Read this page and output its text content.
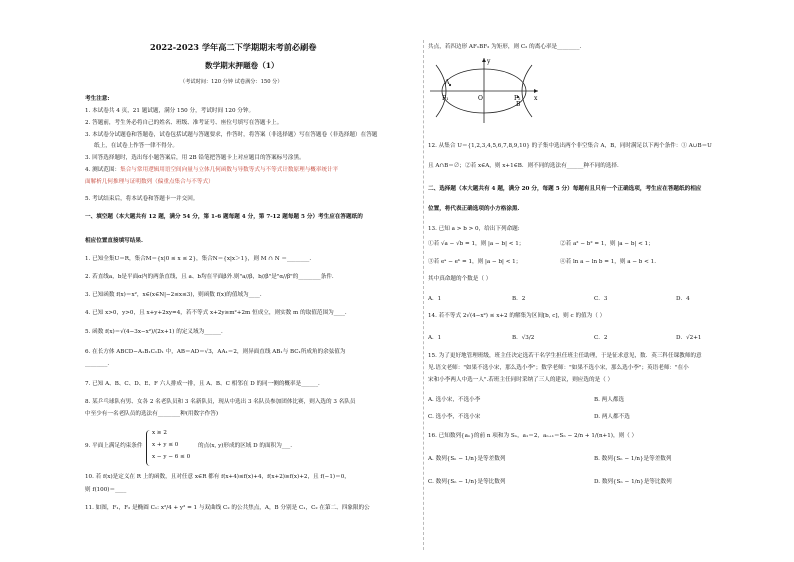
2022-2023 学年高二下学期期末考前必刷卷
数学期末押题卷（1）
（考试时间：120 分钟 试卷满分：150 分）
考生注意:
1. 本试卷共 4 页，21 题试题，满分 150 分，考试时间 120 分钟。
2. 答题前，考生务必将自己的姓名、班级、准考证号、座位号填写在答题卡上。
3. 本试卷分试题卷和答题卷，试卷包括试题与答题要求，作答时，将答案（非选择题）写在答题卷（非选择题）在答题
纸上，在试卷上作答一律不得分。
3. 回答选择题时，选出每小题答案后，用 2B 铅笔把答题卡上对应题目的答案标号涂黑。
4. 测试范围：集合与常用逻辑用语空间向量与立体几何函数与导数等式与不等式计数原理与概率统计平
面解析几何推理与证明数列（偏重点集合与不等式）
5. 考试结束后，将本试卷和答题卡一并交回。
一、填空题（本大题共有 12 题，满分 54 分，第 1-6 题每题 4 分，第 7-12 题每题 5 分）考生应在答题纸的
相应位置直接填写结果.
1. 已知全集U＝R，集合M＝{x|0 ≤ x ≤ 2}，集合N＝{x|x＞1}，则 M ∩ N ＝________.
2. 若直线a，b是平面α内的两条直线，且 a、b均在平面β外.则"a//β，b//β"是"α//β"的________条件.
3. 已知函数 f(x)＝x²，x∈(x∈N|−2≤x≤3)，则函数 f(x)的值域为____.
4. 已知 x>0，y>0，且 x+y+2xy=4，若不等式 x+2y≥m²+2m 恒成立，则实数 m 的取值范围为____.
5. 函数 f(x)＝√(4−3x−x²)/(2x+1) 的定义域为______.
6. 在长方体 ABCD−A₁B₁C₁D₁ 中，AB＝AD＝√3，AA₁＝2，则异面直线 AB₁与 BC₁所成角的余弦值为
________.
7. 已知 A、B、C、D、E、F 六人排成一排，且 A、B、C 相邻在 D 的同一侧的概率是______.
8. 某乒乓球队有男、女各 2 名老队员和 3 名新队员，现从中选出 3 名队员参加团体比赛，则入选的 3 名队员
中至少有一名老队员的选法有________种(用数字作答)
9. 平面上满足约束条件
x ≥ 2
x + y ≤ 0
x − y − 6 ≤ 0
的点(x, y)形成的区域 D 的面积为___.
10. 若 f(x)是定义在 R 上的函数，且对任意 x∈R 都有 f(x+4)≤f(x)+4，f(x+2)≥f(x)+2，且 f(−1)＝0，
则 f(100)＝____
11. 如图，F₁，F₂ 是椭圆 C₁: x²/4 + y² = 1 与双曲线 C₂ 的公共焦点，A，B 分别是 C₁，C₂ 在第二、四象限的公
共点，若四边形 AF₁BF₂ 为矩形，则 C₂ 的离心率是________.
A
B
F₁	F₂
O	x
y
12. 从集合 U＝{1,2,3,4,5,6,7,8,9,10} 的子集中选出两个非空集合 A，B，同时满足以下两个条件：① A∪B＝U
且 A∩B＝∅；②若 x∈A，则 x+1∈B．则不同的选法有______种不同的选择.
二、选择题（本大题共有 4 题，满分 20 分，每题 5 分）每题有且只有一个正确选项，考生应在答题纸的相应
位置，将代表正确选项的小方格涂黑.
13. 已知 a > b > 0，给出下列命题:
①若 √a − √b = 1，则 |a − b| < 1；	②若 a² − b² = 1，则 |a − b| < 1；
③若 eᵃ − eᵇ = 1，则 |a − b| < 1；	④若 ln a − ln b = 1，则 a − b < 1.
其中真命题的个数是（ ）
A．1	B．2	C．3	D．4
14. 若不等式 2√(4−x²) ≤ x+2 的解集为区间[b, c]，则 c 的值为（ ）
A．1	B．√3/2	C．2	D．√2+1
15. 为了更好地管理班级，班主任决定选若干名学生担任班主任助理，于是征求意见，数．英三科任课教师的意
见.语文老师："如果不选小宋，那么选小李"；数学老师："如果不选小宋，那么选小李"；英语老师："在小
宋和小李两人中选一人".若班主任同时采纳了三人的建议，则应选的是（ ）
A. 选小宋，不选小李	B. 两人都选
C. 选小李，不选小宋	D. 两人都不选
16. 已知数列{aₙ}的前 n 项和为 Sₙ，a₁＝2，aₙ₊₁＝Sₙ − 2/n + 1/(n+1)，则（ ）
A. 数列{Sₙ − 1/n}是等差数列	B. 数列{Sₙ − 1/n}是等差数列
C. 数列{Sₙ − 1/n}是等比数列	D. 数列{Sₙ − 1/n}是等比数列
